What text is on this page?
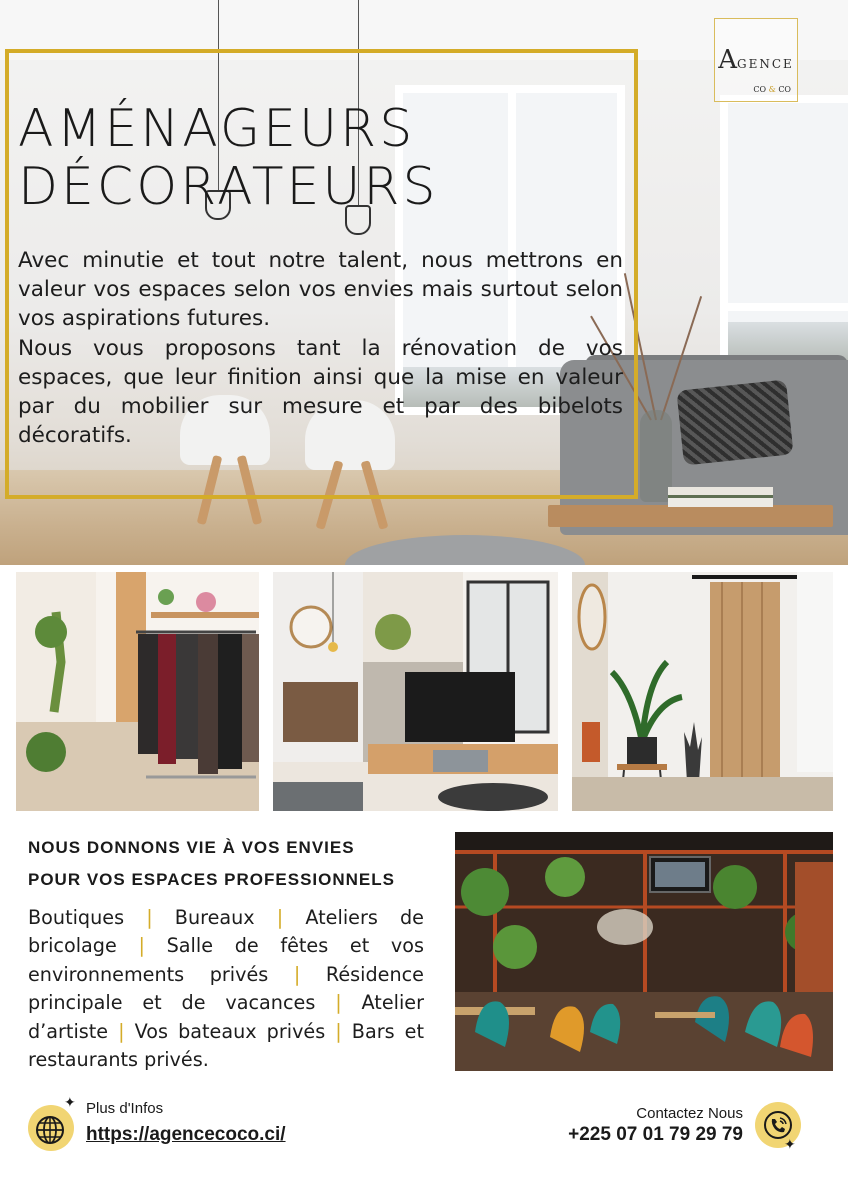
AMÉNAGEURS
DÉCORATEURS

Avec minutie et tout notre talent, nous mettrons en valeur vos espaces selon vos envies mais surtout selon vos aspirations futures.

Nous vous proposons tant la rénovation de vos espaces, que leur finition ainsi que la mise en valeur par du mobilier sur mesure et par des bibelots décoratifs.

AGENCE
CO & CO
NOUS DONNONS VIE À VOS ENVIES
POUR VOS ESPACES PROFESSIONNELS
Boutiques | Bureaux | Ateliers de bricolage | Salle de fêtes et vos environnements privés | Résidence principale et de vacances | Atelier d’artiste | Vos bateaux privés | Bars et restaurants privés.
✦ Plus d'Infos
https://agencecoco.ci/
Contactez Nous
+225 07 01 79 29 79	✦
